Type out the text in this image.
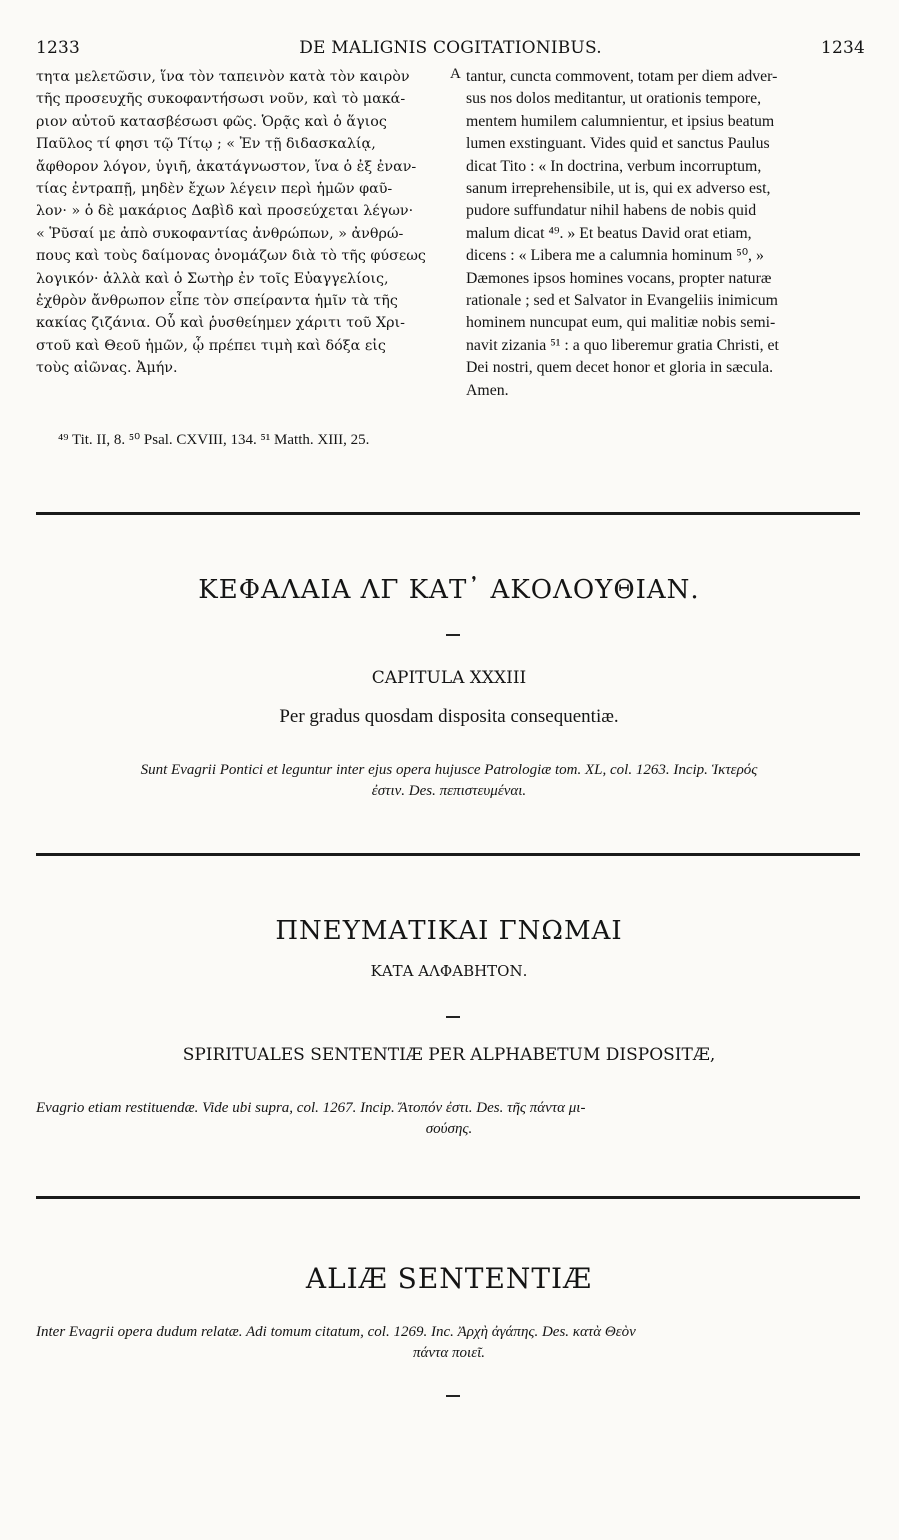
1233	DE MALIGNIS COGITATIONIBUS.	1234
τητα μελετῶσιν, ἵνα τὸν ταπεινὸν κατὰ τὸν καιρὸν
τῆς προσευχῆς συκοφαντήσωσι νοῦν, καὶ τὸ μακά-
ριον αὐτοῦ κατασβέσωσι φῶς. Ὁρᾷς καὶ ὁ ἅγιος
Παῦλος τί φησι τῷ Τίτῳ ; « Ἐν τῇ διδασκαλίᾳ,
ἄφθορον λόγον, ὑγιῆ, ἀκατάγνωστον, ἵνα ὁ ἐξ ἐναν-
τίας ἐντραπῇ, μηδὲν ἔχων λέγειν περὶ ἡμῶν φαῦ-
λον· » ὁ δὲ μακάριος Δαβὶδ καὶ προσεύχεται λέγων·
« Ῥῦσαί με ἀπὸ συκοφαντίας ἀνθρώπων, » ἀνθρώ-
πους καὶ τοὺς δαίμονας ὀνομάζων διὰ τὸ τῆς φύσεως
λογικόν· ἀλλὰ καὶ ὁ Σωτὴρ ἐν τοῖς Εὐαγγελίοις,
ἐχθρὸν ἄνθρωπον εἶπε τὸν σπείραντα ἡμῖν τὰ τῆς
κακίας ζιζάνια. Οὗ καὶ ῥυσθείημεν χάριτι τοῦ Χρι-
στοῦ καὶ Θεοῦ ἡμῶν, ᾧ πρέπει τιμὴ καὶ δόξα εἰς
τοὺς αἰῶνας. Ἀμήν.
A tantur, cuncta commovent, totam per diem adver-
sus nos dolos meditantur, ut orationis tempore,
mentem humilem calumnientur, et ipsius beatum
lumen exstinguant. Vides quid et sanctus Paulus
dicat Tito : « In doctrina, verbum incorruptum,
sanum irreprehensibile, ut is, qui ex adverso est,
pudore suffundatur nihil habens de nobis quid
malum dicat ⁴⁹. » Et beatus David orat etiam,
dicens : « Libera me a calumnia hominum ⁵⁰, »
Dæmones ipsos homines vocans, propter naturæ
rationale ; sed et Salvator in Evangeliis inimicum
hominem nuncupat eum, qui malitiæ nobis semi-
navit zizania ⁵¹ : a quo liberemur gratia Christi, et
Dei nostri, quem decet honor et gloria in sæcula.
Amen.
⁴⁹ Tit. II, 8. ⁵⁰ Psal. CXVIII, 134. ⁵¹ Matth. XIII, 25.
ΚΕΦΑΛΑΙΑ ΛΓ ΚΑΤ᾽ ΑΚΟΛΟΥΘΙΑΝ.
CAPITULA XXXIII
Per gradus quosdam disposita consequentiæ.
Sunt Evagrii Pontici et leguntur inter ejus opera hujusce Patrologiæ tom. XL, col. 1263. Incip. Ἱκτερός
ἐστιν. Des. πεπιστευμέναι.
ΠΝΕΥΜΑΤΙΚΑΙ ΓΝΩΜΑΙ
ΚΑΤΑ ΑΛΦΑΒΗΤΟΝ.
SPIRITUALES SENTENTIÆ PER ALPHABETUM DISPOSITÆ,
Evagrio etiam restituendæ. Vide ubi supra, col. 1267. Incip. Ἄτοπόν ἐστι. Des. τῆς πάντα μι-
σούσης.
ALIÆ SENTENTIÆ
Inter Evagrii opera dudum relatæ. Adi tomum citatum, col. 1269. Inc. Ἀρχὴ ἀγάπης. Des. κατὰ Θεὸν
πάντα ποιεῖ.
